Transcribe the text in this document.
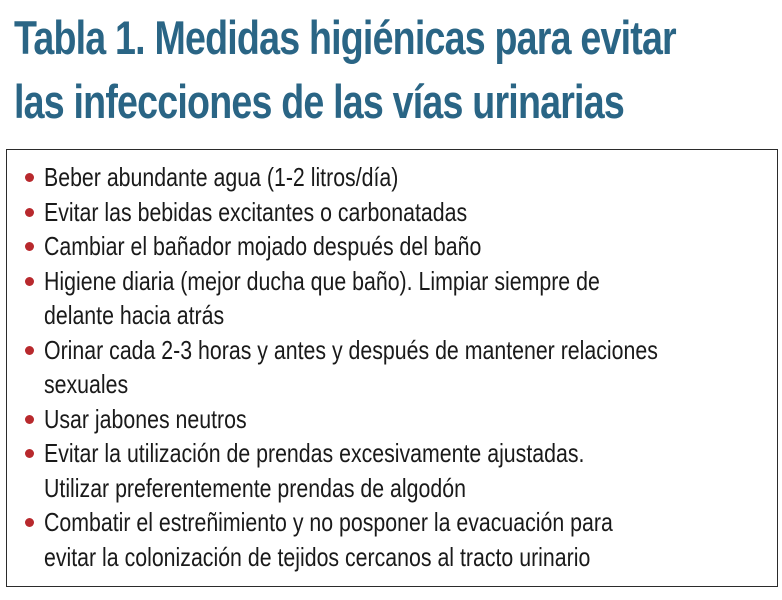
Tabla 1. Medidas higiénicas para evitar
las infecciones de las vías urinarias
Beber abundante agua (1-2 litros/día)
Evitar las bebidas excitantes o carbonatadas
Cambiar el bañador mojado después del baño
Higiene diaria (mejor ducha que baño). Limpiar siempre de
delante hacia atrás
Orinar cada 2-3 horas y antes y después de mantener relaciones
sexuales
Usar jabones neutros
Evitar la utilización de prendas excesivamente ajustadas.
Utilizar preferentemente prendas de algodón
Combatir el estreñimiento y no posponer la evacuación para
evitar la colonización de tejidos cercanos al tracto urinario
